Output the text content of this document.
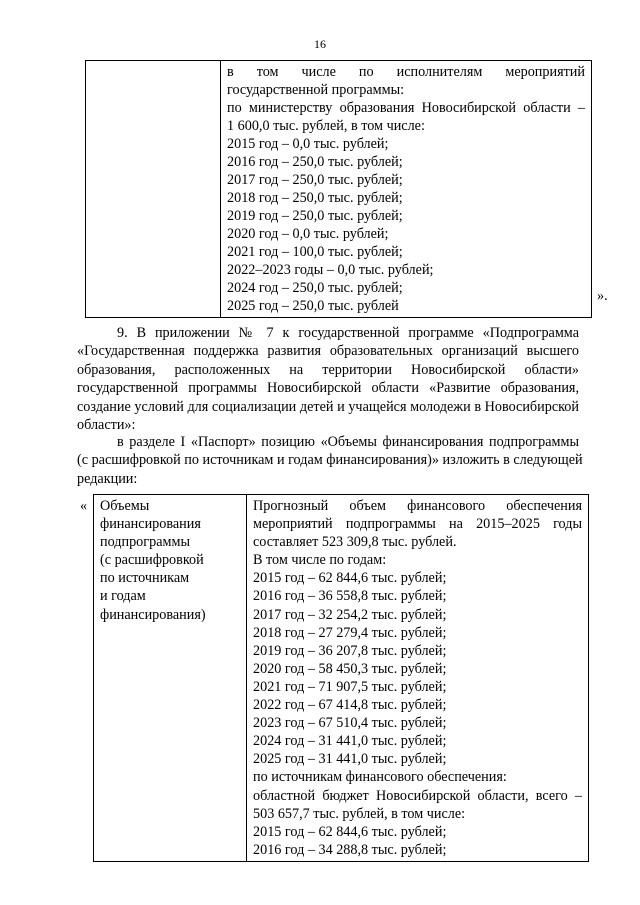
16

в том числе по исполнителям мероприятий
государственной программы:
по министерству образования Новосибирской области –
1 600,0 тыс. рублей, в том числе:
2015 год – 0,0 тыс. рублей;
2016 год – 250,0 тыс. рублей;
2017 год – 250,0 тыс. рублей;
2018 год – 250,0 тыс. рублей;
2019 год – 250,0 тыс. рублей;
2020 год – 0,0 тыс. рублей;
2021 год – 100,0 тыс. рублей;
2022–2023 годы – 0,0 тыс. рублей;
2024 год – 250,0 тыс. рублей;
2025 год – 250,0 тыс. рублей
».
9. В приложении № 7 к государственной программе «Подпрограмма
«Государственная поддержка развития образовательных организаций высшего
образования, расположенных на территории Новосибирской области»
государственной программы Новосибирской области «Развитие образования,
создание условий для социализации детей и учащейся молодежи в Новосибирской
области»:
в разделе I «Паспорт» позицию «Объемы финансирования подпрограммы
(с расшифровкой по источникам и годам финансирования)» изложить в следующей
редакции:
« Объемы
финансирования
подпрограммы
(с расшифровкой
по источникам
и годам
финансирования)

Прогнозный объем финансового обеспечения
мероприятий подпрограммы на 2015–2025 годы
составляет 523 309,8 тыс. рублей.
В том числе по годам:
2015 год – 62 844,6 тыс. рублей;
2016 год – 36 558,8 тыс. рублей;
2017 год – 32 254,2 тыс. рублей;
2018 год – 27 279,4 тыс. рублей;
2019 год – 36 207,8 тыс. рублей;
2020 год – 58 450,3 тыс. рублей;
2021 год – 71 907,5 тыс. рублей;
2022 год – 67 414,8 тыс. рублей;
2023 год – 67 510,4 тыс. рублей;
2024 год – 31 441,0 тыс. рублей;
2025 год – 31 441,0 тыс. рублей;
по источникам финансового обеспечения:
областной бюджет Новосибирской области, всего –
503 657,7 тыс. рублей, в том числе:
2015 год – 62 844,6 тыс. рублей;
2016 год – 34 288,8 тыс. рублей;
